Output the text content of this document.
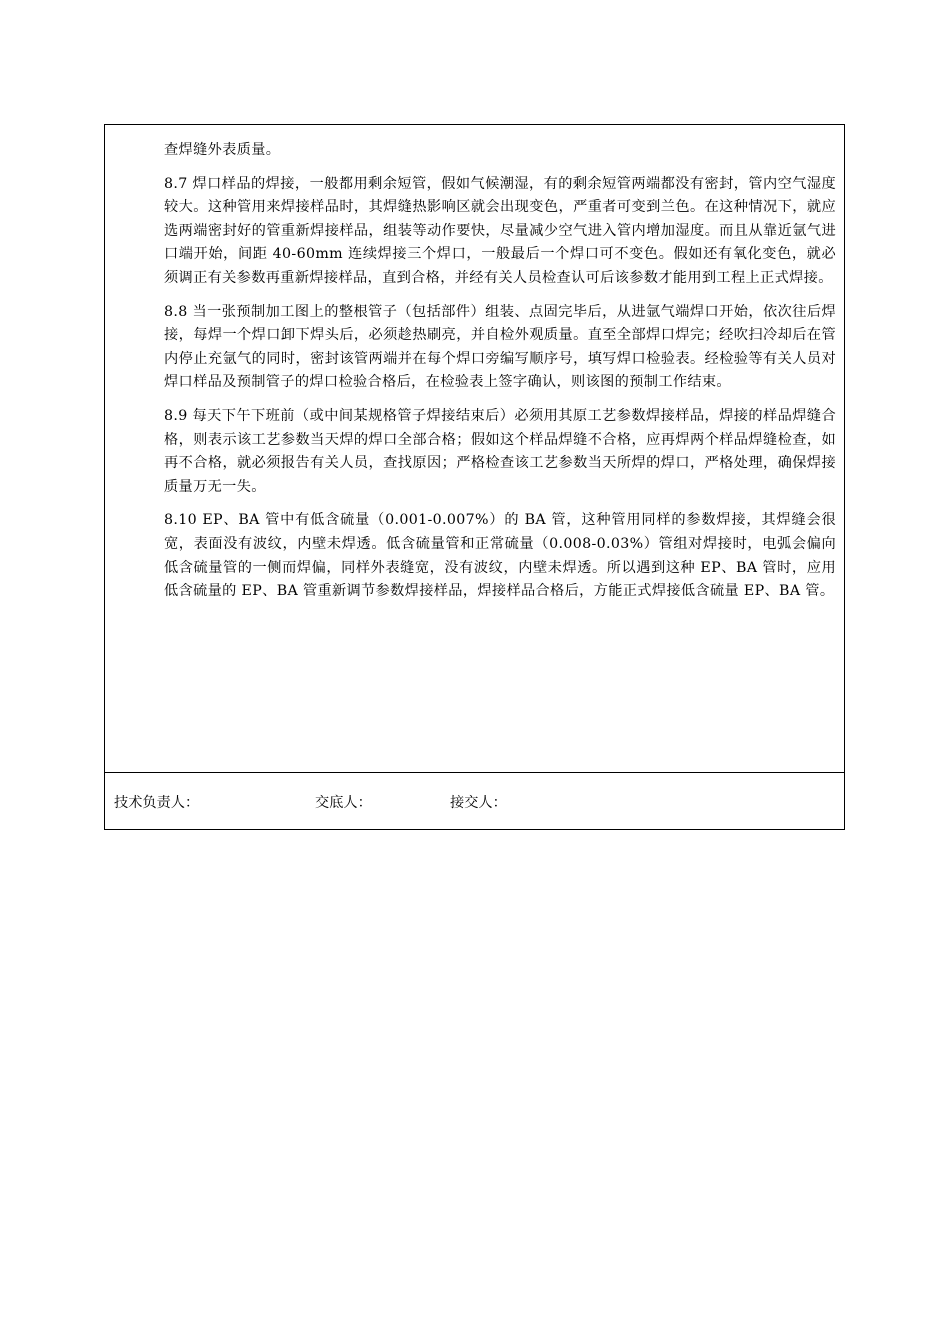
查焊缝外表质量。

8.7 焊口样品的焊接，一般都用剩余短管，假如气候潮湿，有的剩余短管两端都没有密封，管内空气湿度较大。这种管用来焊接样品时，其焊缝热影响区就会出现变色，严重者可变到兰色。在这种情况下，就应选两端密封好的管重新焊接样品，组装等动作要快，尽量减少空气进入管内增加湿度。而且从靠近氩气进口端开始，间距 40-60mm 连续焊接三个焊口，一般最后一个焊口可不变色。假如还有氧化变色，就必须调正有关参数再重新焊接样品，直到合格，并经有关人员检查认可后该参数才能用到工程上正式焊接。

8.8 当一张预制加工图上的整根管子（包括部件）组装、点固完毕后，从进氩气端焊口开始，依次往后焊接，每焊一个焊口卸下焊头后，必须趁热刷亮，并自检外观质量。直至全部焊口焊完；经吹扫冷却后在管内停止充氩气的同时，密封该管两端并在每个焊口旁编写顺序号，填写焊口检验表。经检验等有关人员对焊口样品及预制管子的焊口检验合格后，在检验表上签字确认，则该图的预制工作结束。

8.9 每天下午下班前（或中间某规格管子焊接结束后）必须用其原工艺参数焊接样品，焊接的样品焊缝合格，则表示该工艺参数当天焊的焊口全部合格；假如这个样品焊缝不合格，应再焊两个样品焊缝检查，如再不合格，就必须报告有关人员，查找原因；严格检查该工艺参数当天所焊的焊口，严格处理，确保焊接质量万无一失。

8.10 EP、BA 管中有低含硫量（0.001-0.007%）的 BA 管，这种管用同样的参数焊接，其焊缝会很宽，表面没有波纹，内壁未焊透。低含硫量管和正常硫量（0.008-0.03%）管组对焊接时，电弧会偏向低含硫量管的一侧而焊偏，同样外表缝宽，没有波纹，内壁未焊透。所以遇到这种 EP、BA 管时，应用低含硫量的 EP、BA 管重新调节参数焊接样品，焊接样品合格后，方能正式焊接低含硫量 EP、BA 管。

技术负责人：	交底人：	接交人：
